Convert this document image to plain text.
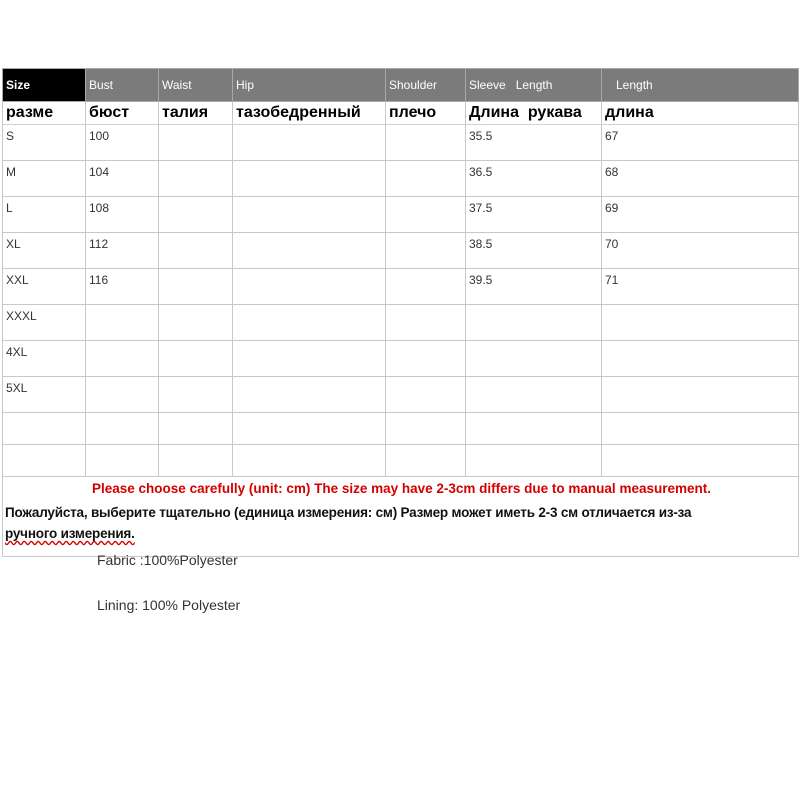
Size	Bust	Waist	Hip	Shoulder	Sleeve   Length	Length
разме	бюст	талия	тазобедренный	плечо	Длина  рукава	длина
S	100				35.5	67
M	104				36.5	68
L	108				37.5	69
XL	112				38.5	70
XXL	116				39.5	71
XXXL						
4XL						
5XL						

Please choose carefully (unit: cm) The size may have 2-3cm differs due to manual measurement.
Пожалуйста, выберите тщательно (единица измерения: см) Размер может иметь 2-3 см отличается из-за
ручного измерения.						
Fabric :100%Polyester
Lining: 100% Polyester
